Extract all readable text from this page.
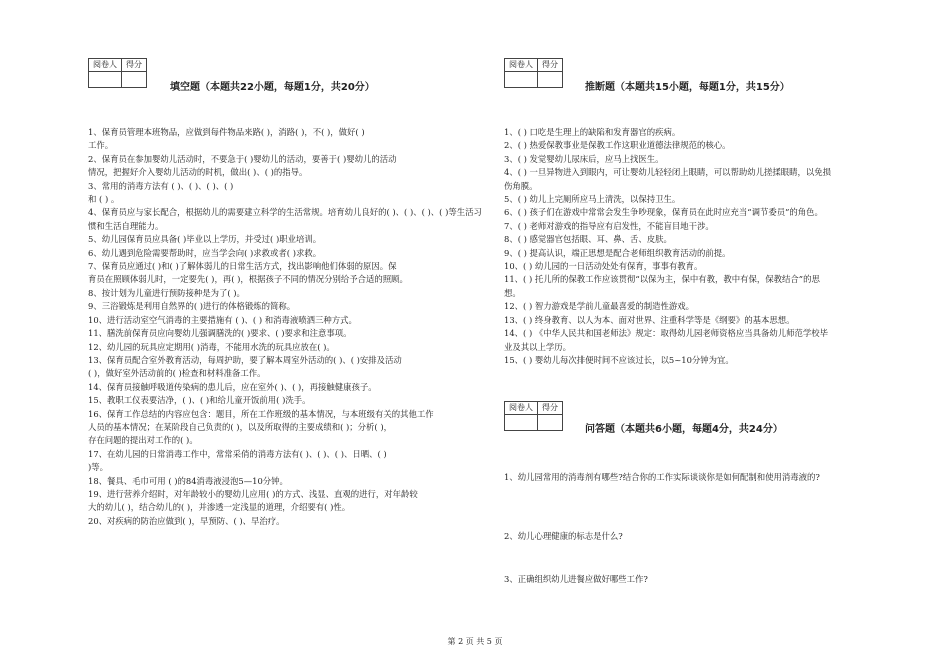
阅卷人	得分

填空题（本题共22小题，每题1分，共20分）
1、保育员管理本班物品，应做到每件物品来路( )，消路( )，不( )，做好( )
工作。
2、保育员在参加婴幼儿活动时，不要急于( )婴幼儿的活动，要善于( )婴幼儿的活动
情况，把握好介入婴幼儿活动的时机，做出( )、( )的指导。
3、常用的消毒方法有 ( )、( )、( )、( )
和 ( ) 。
4、保育员应与家长配合，根据幼儿的需要建立科学的生活常规。培育幼儿良好的( )、( )、( )、( )等生活习惯和生活自理能力。
5、幼儿园保育员应具备( )毕业以上学历，并受过( )职业培训。
6、幼儿遇到危险需要帮助时，应当学会向( )求救或者( )求救。
7、保育员应通过( )和( )了解体弱儿的日常生活方式，找出影响他们体弱的原因。保
育员在照顾体弱儿时，一定要先( )，再( )，根据孩子不同的情况分别给予合适的照顾。
8、按计划为儿童进行预防接种是为了( )。
9、三浴锻炼是利用自然界的( )进行的体格锻炼的简称。
10、进行活动室空气消毒的主要措施有 ( )、( ) 和消毒液喷洒三种方式。
11、膳洗前保育员应向婴幼儿强调膳洗的( )要求、( )要求和注意事项。
12、幼儿园的玩具应定期用( )消毒，不能用水洗的玩具应放在( )。
13、保育员配合室外教育活动，每周护助，要了解本周室外活动的( )、( )安排及活动
( )，做好室外活动前的( )检查和材料准备工作。
14、保育员接触呼吸道传染病的患儿后，应在室外( )、( )，再接触健康孩子。
15、教职工仪表要洁净，( )、( )和给儿童开饭前用( )洗手。
16、保育工作总结的内容应包含：题目，所在工作班级的基本情况，与本班级有关的其他工作
人员的基本情况；在某阶段自己负责的( )，以及所取得的主要成绩和( )；分析( )，
存在问题的提出对工作的( )。
17、在幼儿园的日常消毒工作中，常常采俏的消毒方法有( )、( )、( )、日晒、( )
)等。
18、餐具、毛巾可用 ( )的84消毒液浸泡5—10分钟。
19、进行营养介绍时，对年龄较小的婴幼儿应用( )的方式、浅显、直观的进行，对年龄较
大的幼儿( )，结合幼儿的( )，并渗透一定浅显的道理，介绍要有( )性。
20、对疾病的防治应做到( )，早预防、( )、早治疗。
阅卷人	得分

推断题（本题共15小题，每题1分，共15分）
1、( ) 口吃是生理上的缺陷和发育器官的疾病。
2、( ) 热爱保教事业是保教工作这职业道德法律规范的核心。
3、( ) 发觉婴幼儿尿床后，应马上找医生。
4、( ) 一旦异物进入到眼内，可让婴幼儿轻轻闭上眼睛，可以帮助幼儿搓揉眼睛，以免损
伤角膜。
5、( ) 幼儿上完厕所应马上清洗，以保持卫生。
6、( ) 孩子们在游戏中常常会发生争吵现象，保育员在此时应充当“调节委员”的角色。
7、( ) 老师对游戏的指导应有启发性，不能盲目地干涉。
8、( ) 感觉器官包括眼、耳、鼻、舌、皮肤。
9、( ) 提高认识，端正思想是配合老师组织教育活动的前提。
10、( ) 幼儿园的一日活动处处有保育，事事有教育。
11、( ) 托儿所的保教工作应该贯彻“以保为主，保中有教，教中有保，保教结合”的思
想。
12、( ) 智力游戏是学前儿童最喜爱的制造性游戏。
13、( ) 终身教育、以人为本、面对世界、注重科学等是《纲要》的基本思想。
14、( ) 《中华人民共和国老师法》规定：取得幼儿园老师资格应当具备幼儿师范学校毕
业及其以上学历。
15、( ) 婴幼儿每次排便时间不应该过长，以5~10分钟为宜。
阅卷人	得分

问答题（本题共6小题，每题4分，共24分）
1、幼儿园常用的消毒剂有哪些?结合你的工作实际谈谈你是如何配制和使用消毒液的?
2、幼儿心理健康的标志是什么?
3、正确组织幼儿进餐应做好哪些工作?
第 2 页 共 5 页
